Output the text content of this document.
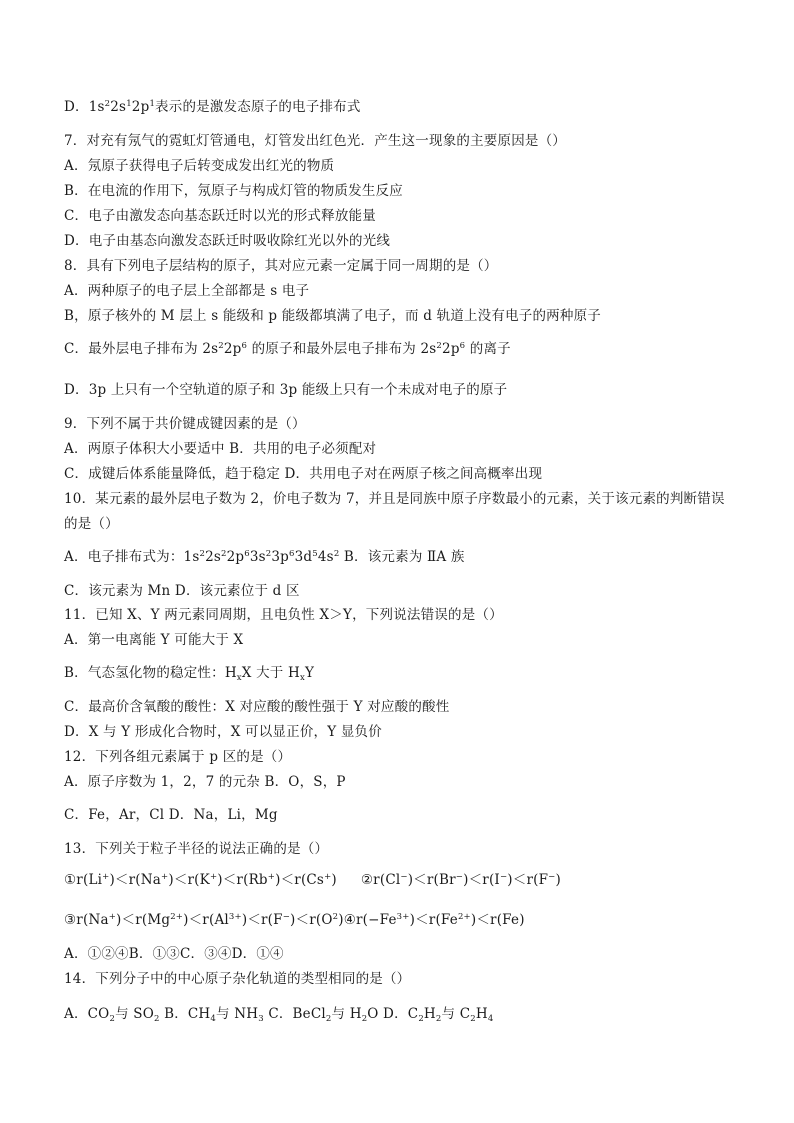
D．$1s^22s^12p^1$表示的是激发态原子的电子排布式
7．对充有氖气的霓虹灯管通电，灯管发出红色光．产生这一现象的主要原因是（）
A．氖原子获得电子后转变成发出红光的物质
B．在电流的作用下，氖原子与构成灯管的物质发生反应
C．电子由激发态向基态跃迁时以光的形式释放能量
D．电子由基态向激发态跃迁时吸收除红光以外的光线
8．具有下列电子层结构的原子，其对应元素一定属于同一周期的是（）
A．两种原子的电子层上全部都是 s 电子
B，原子核外的 M 层上 s 能级和 p 能级都填满了电子，而 d 轨道上没有电子的两种原子
C．最外层电子排布为 $2s^22p^6$ 的原子和最外层电子排布为 $2s^22p^6$ 的离子
D．3p 上只有一个空轨道的原子和 3p 能级上只有一个未成对电子的原子
9．下列不属于共价键成键因素的是（）
A．两原子体积大小要适中 B．共用的电子必须配对
C．成键后体系能量降低，趋于稳定 D．共用电子对在两原子核之间高概率出现
10．某元素的最外层电子数为 2，价电子数为 7，并且是同族中原子序数最小的元素，关于该元素的判断错误
的是（）
A．电子排布式为：$1s^22s^22p^63s^23p^63d^54s^2$ B．该元素为 ⅡA 族
C．该元素为 Mn D．该元素位于 d 区
11．已知 X、Y 两元素同周期，且电负性 X＞Y，下列说法错误的是（）
A．第一电离能 Y 可能大于 X
B．气态氢化物的稳定性：$H_xX$ 大于 $H_xY$
C．最高价含氧酸的酸性：X 对应酸的酸性强于 Y 对应酸的酸性
D．X 与 Y 形成化合物时，X 可以显正价，Y 显负价
12．下列各组元素属于 p 区的是（）
A．原子序数为 1，2，7 的元杂 B．O，S，P
C．Fe，Ar，Cl D．Na，Li，Mg
13．下列关于粒子半径的说法正确的是（）
①r(Li+)＜r(Na+)＜r(K+)＜r(Rb+)＜r(Cs+) ②r(Cl−)＜r(Br−)＜r(I−)＜r(F−)
$③r(Na^+)<r(Mg^{2+})<r(Al^{3+})<r(F^-)<r(O^2)④r(-Fe^{3+})<r(Fe^{2+})<r(Fe)$
A．①②④B．①③C．③④D．①④
14．下列分子中的中心原子杂化轨道的类型相同的是（）
A．$CO_2$与 $SO_2$ B．$CH_4$与 $NH_3$ C．BeCl$_2$与 $H_2O$ D．$C_2H_2$与 $C_2H_4$
